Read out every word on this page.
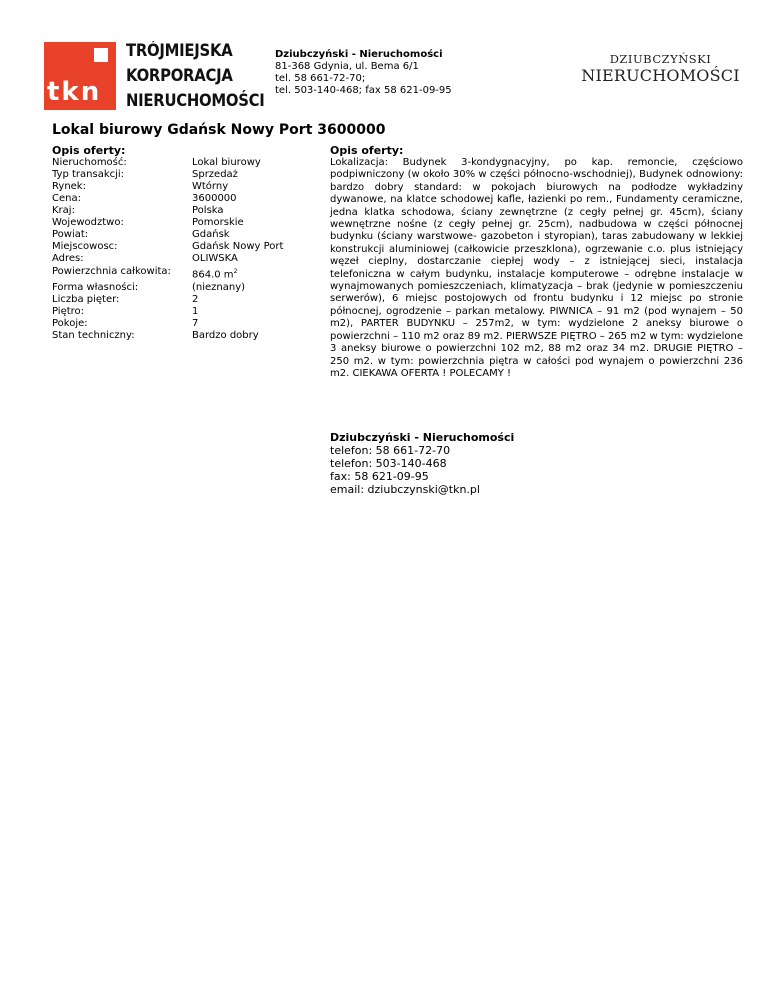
tkn
TRÓJMIEJSKA
KORPORACJA
NIERUCHOMOŚCI
Dziubczyński - Nieruchomości
81-368 Gdynia, ul. Bema 6/1
tel. 58 661-72-70;
tel. 503-140-468; fax 58 621-09-95
DZIUBCZYŃSKI
NIERUCHOMOŚCI
Lokal biurowy Gdańsk Nowy Port 3600000
Opis oferty:
Nieruchomość:	Lokal biurowy
Typ transakcji:	Sprzedaż
Rynek:	Wtórny
Cena:	3600000
Kraj:	Polska
Wojewodztwo:	Pomorskie
Powiat:	Gdańsk
Miejscowosc:	Gdańsk Nowy Port
Adres:	OLIWSKA
Powierzchnia całkowita:	864.0 $m^2$
Forma własności:	(nieznany)
Liczba pięter:	2
Piętro:	1
Pokoje:	7
Stan techniczny:	Bardzo dobry
Opis oferty:
Lokalizacja: Budynek 3-kondygnacyjny, po kap. remoncie, częściowo podpiwniczony (w około 30% w części północno-wschodniej), Budynek odnowiony: bardzo dobry standard: w pokojach biurowych na podłodze wykładziny dywanowe, na klatce schodowej kafle, łazienki po rem., Fundamenty ceramiczne, jedna klatka schodowa, ściany zewnętrzne (z cegły pełnej gr. 45cm), ściany wewnętrzne nośne (z cegły pełnej gr. 25cm), nadbudowa w części północnej budynku (ściany warstwowe- gazobeton i styropian), taras zabudowany w lekkiej konstrukcji aluminiowej (całkowicie przeszklona), ogrzewanie c.o. plus istniejący węzeł cieplny, dostarczanie ciepłej wody – z istniejącej sieci, instalacja telefoniczna w całym budynku, instalacje komputerowe – odrębne instalacje w wynajmowanych pomieszczeniach, klimatyzacja – brak (jedynie w pomieszczeniu serwerów), 6 miejsc postojowych od frontu budynku i 12 miejsc po stronie północnej, ogrodzenie – parkan metalowy. PIWNICA – 91 m2 (pod wynajem – 50 m2), PARTER BUDYNKU – 257m2, w tym: wydzielone 2 aneksy biurowe o powierzchni – 110 m2 oraz 89 m2. PIERWSZE PIĘTRO – 265 m2 w tym: wydzielone 3 aneksy biurowe o powierzchni 102 m2, 88 m2 oraz 34 m2. DRUGIE PIĘTRO – 250 m2. w tym: powierzchnia piętra w całości pod wynajem o powierzchni 236 m2. CIEKAWA OFERTA ! POLECAMY !
Dziubczyński - Nieruchomości
telefon: 58 661-72-70
telefon: 503-140-468
fax: 58 621-09-95
email: dziubczynski@tkn.pl
